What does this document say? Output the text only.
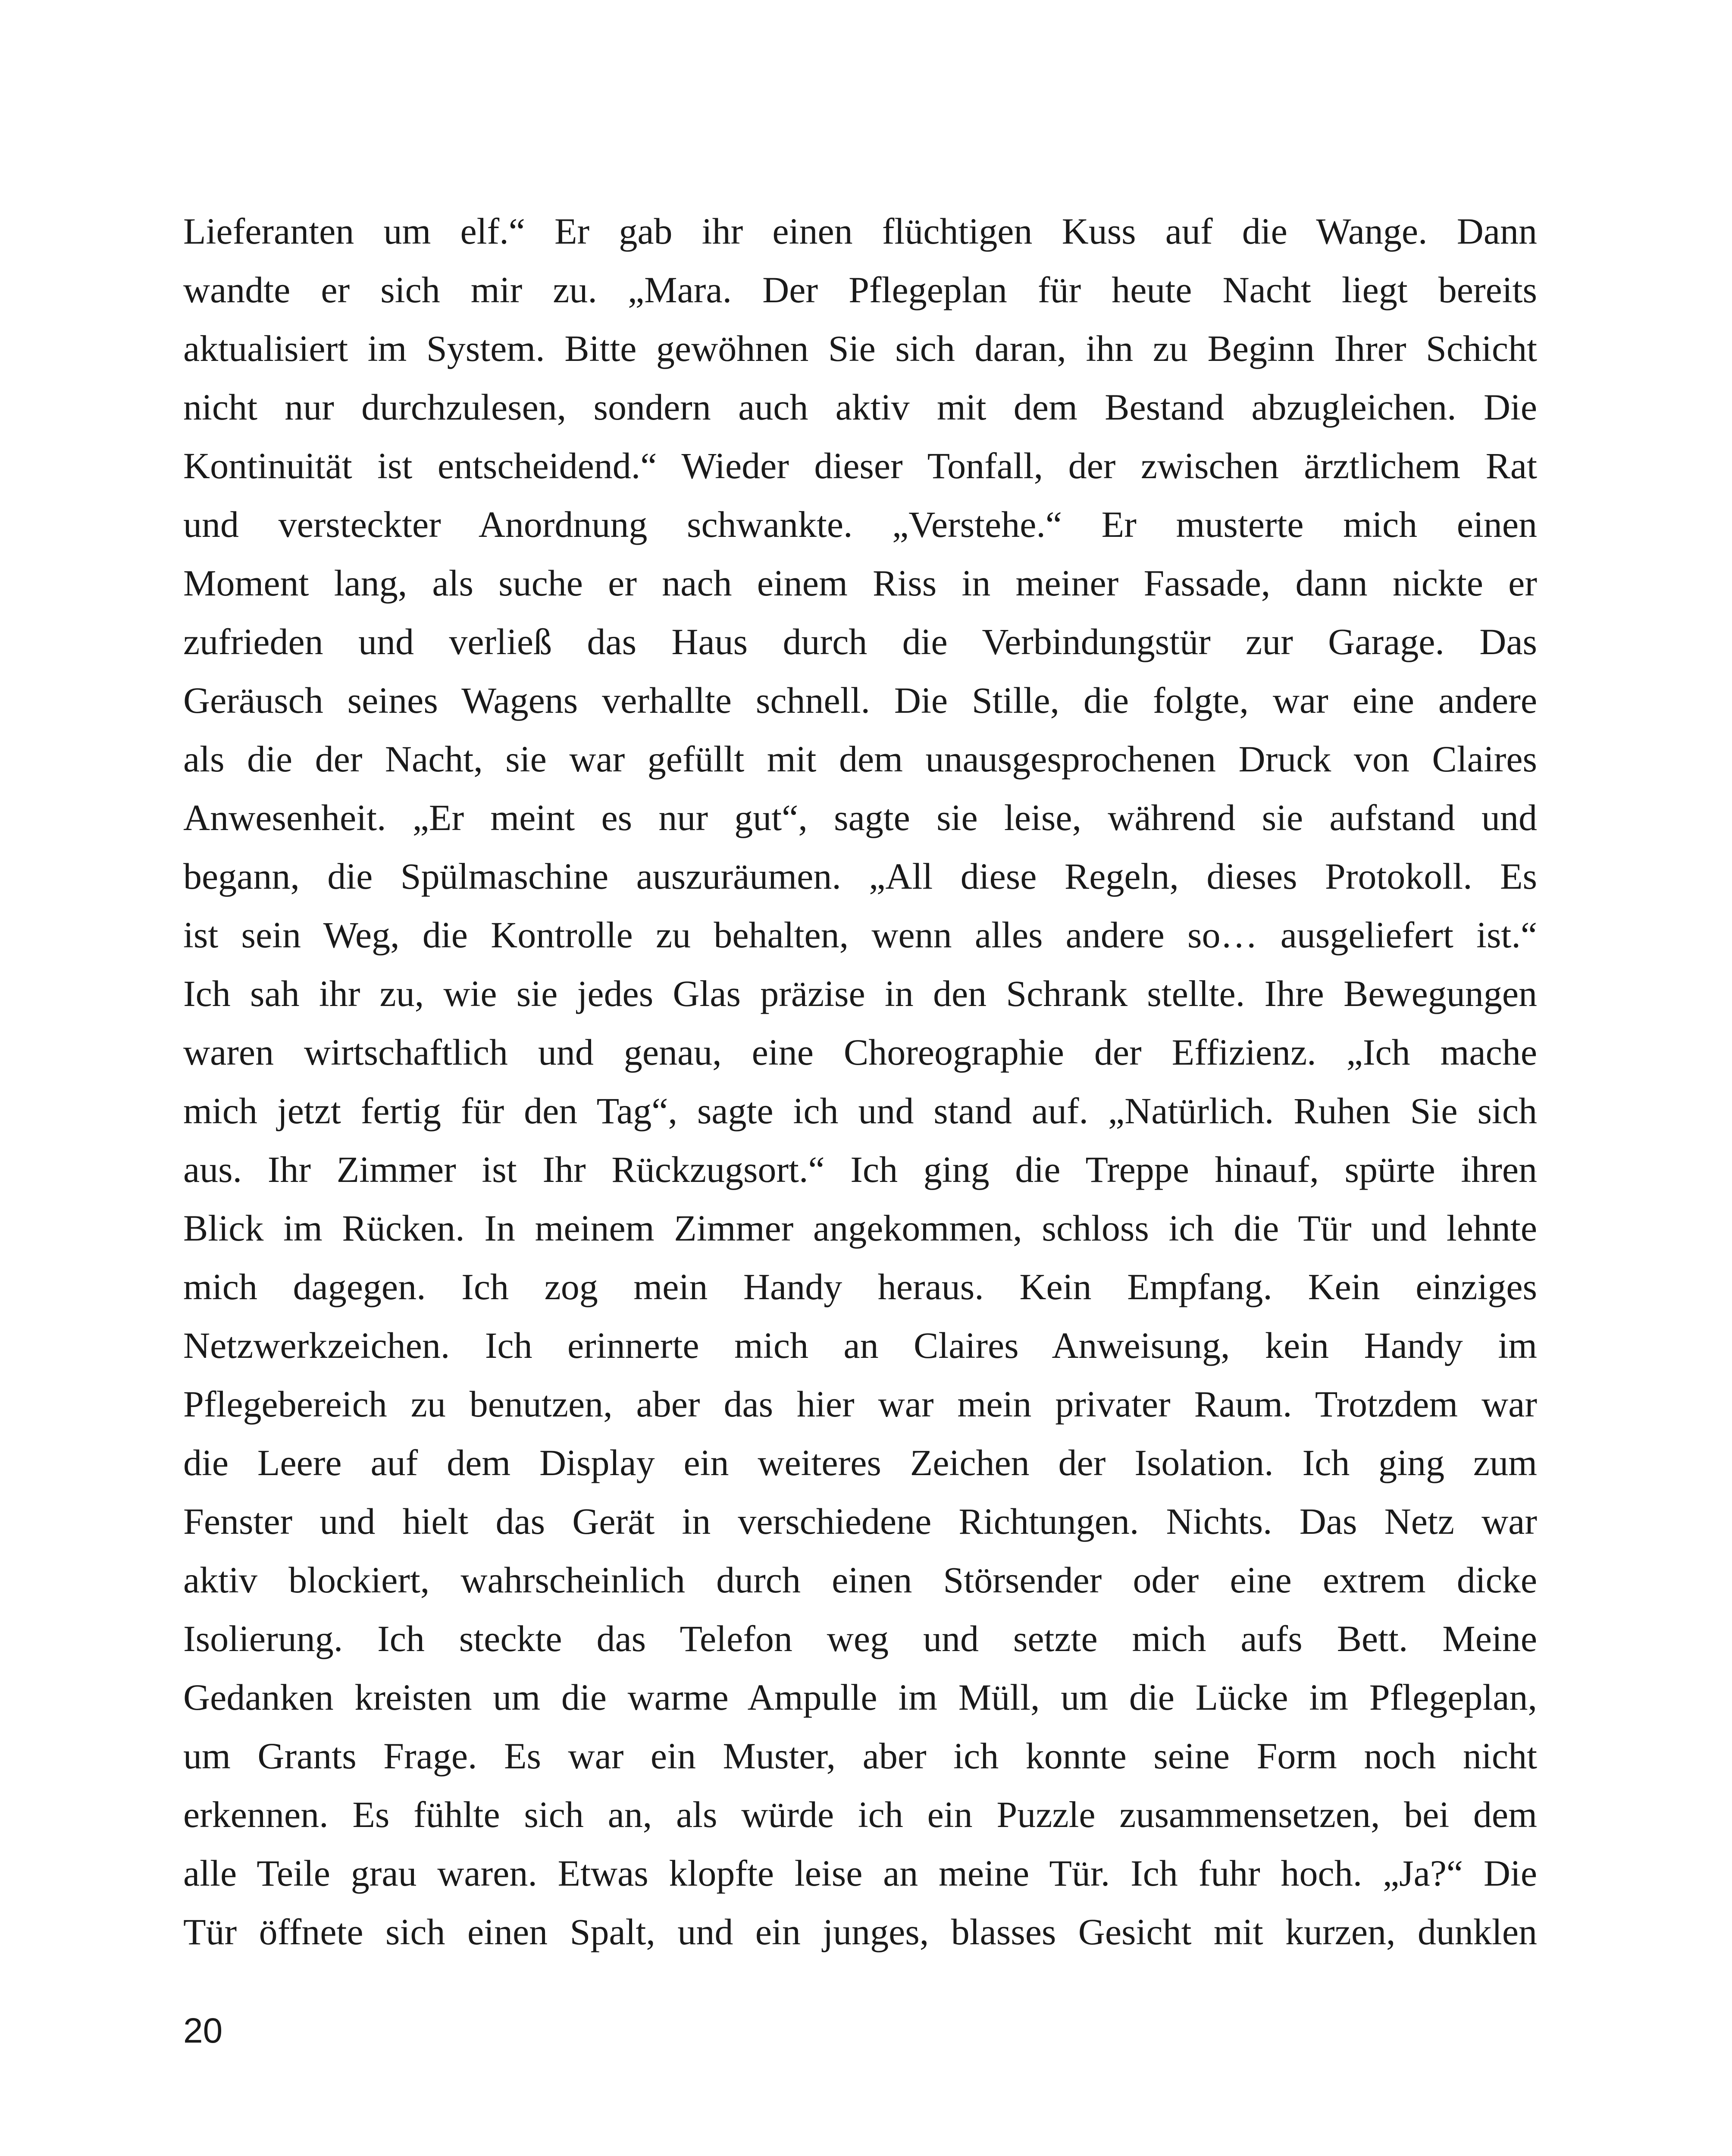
Lieferanten um elf.“ Er gab ihr einen flüchtigen Kuss auf die Wange. Dann
wandte er sich mir zu. „Mara. Der Pflegeplan für heute Nacht liegt bereits
aktualisiert im System. Bitte gewöhnen Sie sich daran, ihn zu Beginn Ihrer Schicht
nicht nur durchzulesen, sondern auch aktiv mit dem Bestand abzugleichen. Die
Kontinuität ist entscheidend.“ Wieder dieser Tonfall, der zwischen ärztlichem Rat
und versteckter Anordnung schwankte. „Verstehe.“ Er musterte mich einen
Moment lang, als suche er nach einem Riss in meiner Fassade, dann nickte er
zufrieden und verließ das Haus durch die Verbindungstür zur Garage. Das
Geräusch seines Wagens verhallte schnell. Die Stille, die folgte, war eine andere
als die der Nacht, sie war gefüllt mit dem unausgesprochenen Druck von Claires
Anwesenheit. „Er meint es nur gut“, sagte sie leise, während sie aufstand und
begann, die Spülmaschine auszuräumen. „All diese Regeln, dieses Protokoll. Es
ist sein Weg, die Kontrolle zu behalten, wenn alles andere so… ausgeliefert ist.“
Ich sah ihr zu, wie sie jedes Glas präzise in den Schrank stellte. Ihre Bewegungen
waren wirtschaftlich und genau, eine Choreographie der Effizienz. „Ich mache
mich jetzt fertig für den Tag“, sagte ich und stand auf. „Natürlich. Ruhen Sie sich
aus. Ihr Zimmer ist Ihr Rückzugsort.“ Ich ging die Treppe hinauf, spürte ihren
Blick im Rücken. In meinem Zimmer angekommen, schloss ich die Tür und lehnte
mich dagegen. Ich zog mein Handy heraus. Kein Empfang. Kein einziges
Netzwerkzeichen. Ich erinnerte mich an Claires Anweisung, kein Handy im
Pflegebereich zu benutzen, aber das hier war mein privater Raum. Trotzdem war
die Leere auf dem Display ein weiteres Zeichen der Isolation. Ich ging zum
Fenster und hielt das Gerät in verschiedene Richtungen. Nichts. Das Netz war
aktiv blockiert, wahrscheinlich durch einen Störsender oder eine extrem dicke
Isolierung. Ich steckte das Telefon weg und setzte mich aufs Bett. Meine
Gedanken kreisten um die warme Ampulle im Müll, um die Lücke im Pflegeplan,
um Grants Frage. Es war ein Muster, aber ich konnte seine Form noch nicht
erkennen. Es fühlte sich an, als würde ich ein Puzzle zusammensetzen, bei dem
alle Teile grau waren. Etwas klopfte leise an meine Tür. Ich fuhr hoch. „Ja?“ Die
Tür öffnete sich einen Spalt, und ein junges, blasses Gesicht mit kurzen, dunklen
20
